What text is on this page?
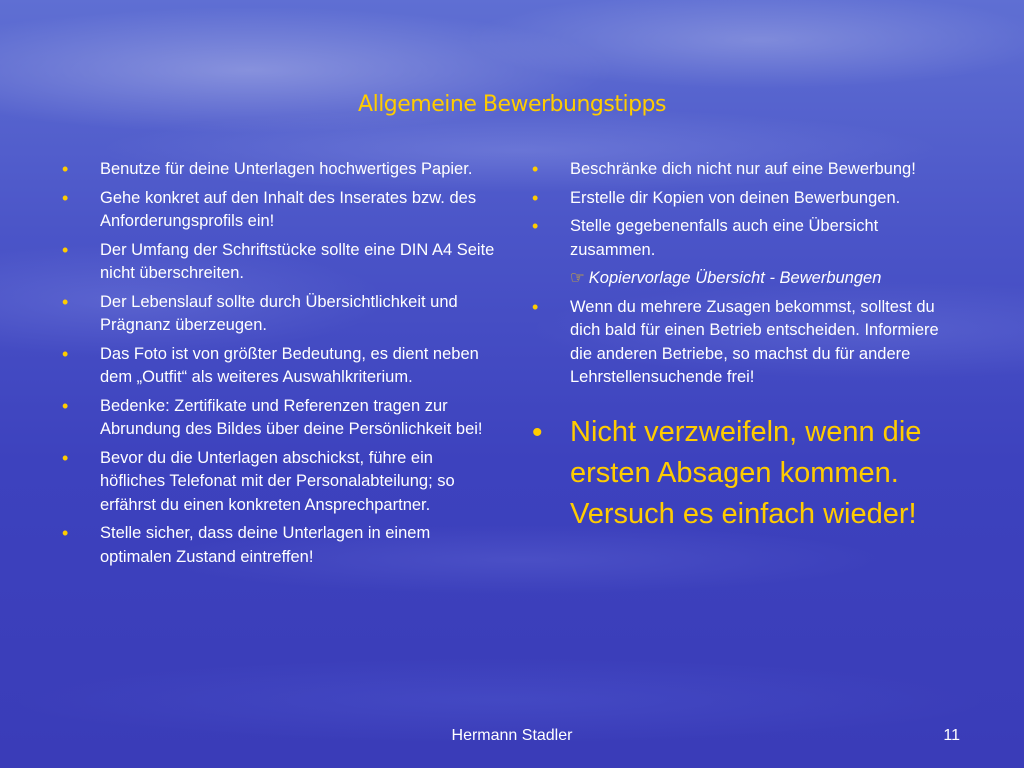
Allgemeine Bewerbungstipps
• Benutze für deine Unterlagen hochwertiges Papier.
• Gehe konkret auf den Inhalt des Inserates bzw. des Anforderungsprofils ein!
• Der Umfang der Schriftstücke sollte eine DIN A4 Seite nicht überschreiten.
• Der Lebenslauf sollte durch Übersichtlichkeit und Prägnanz überzeugen.
• Das Foto ist von größter Bedeutung, es dient neben dem „Outfit“ als weiteres Auswahlkriterium.
• Bedenke: Zertifikate und Referenzen tragen zur Abrundung des Bildes über deine Persönlichkeit bei!
• Bevor du die Unterlagen abschickst, führe ein höfliches Telefonat mit der Personalabteilung; so erfährst du einen konkreten Ansprechpartner.
• Stelle sicher, dass deine Unterlagen in einem optimalen Zustand eintreffen!
• Beschränke dich nicht nur auf eine Bewerbung!
• Erstelle dir Kopien von deinen Bewerbungen.
• Stelle gegebenenfalls auch eine Übersicht zusammen.
☞ Kopiervorlage Übersicht - Bewerbungen
• Wenn du mehrere Zusagen bekommst, solltest du dich bald für einen Betrieb entscheiden. Informiere die anderen Betriebe, so machst du für andere Lehrstellensuchende frei!
• Nicht verzweifeln, wenn die ersten Absagen kommen. Versuch es einfach wieder!
Hermann Stadler	11
